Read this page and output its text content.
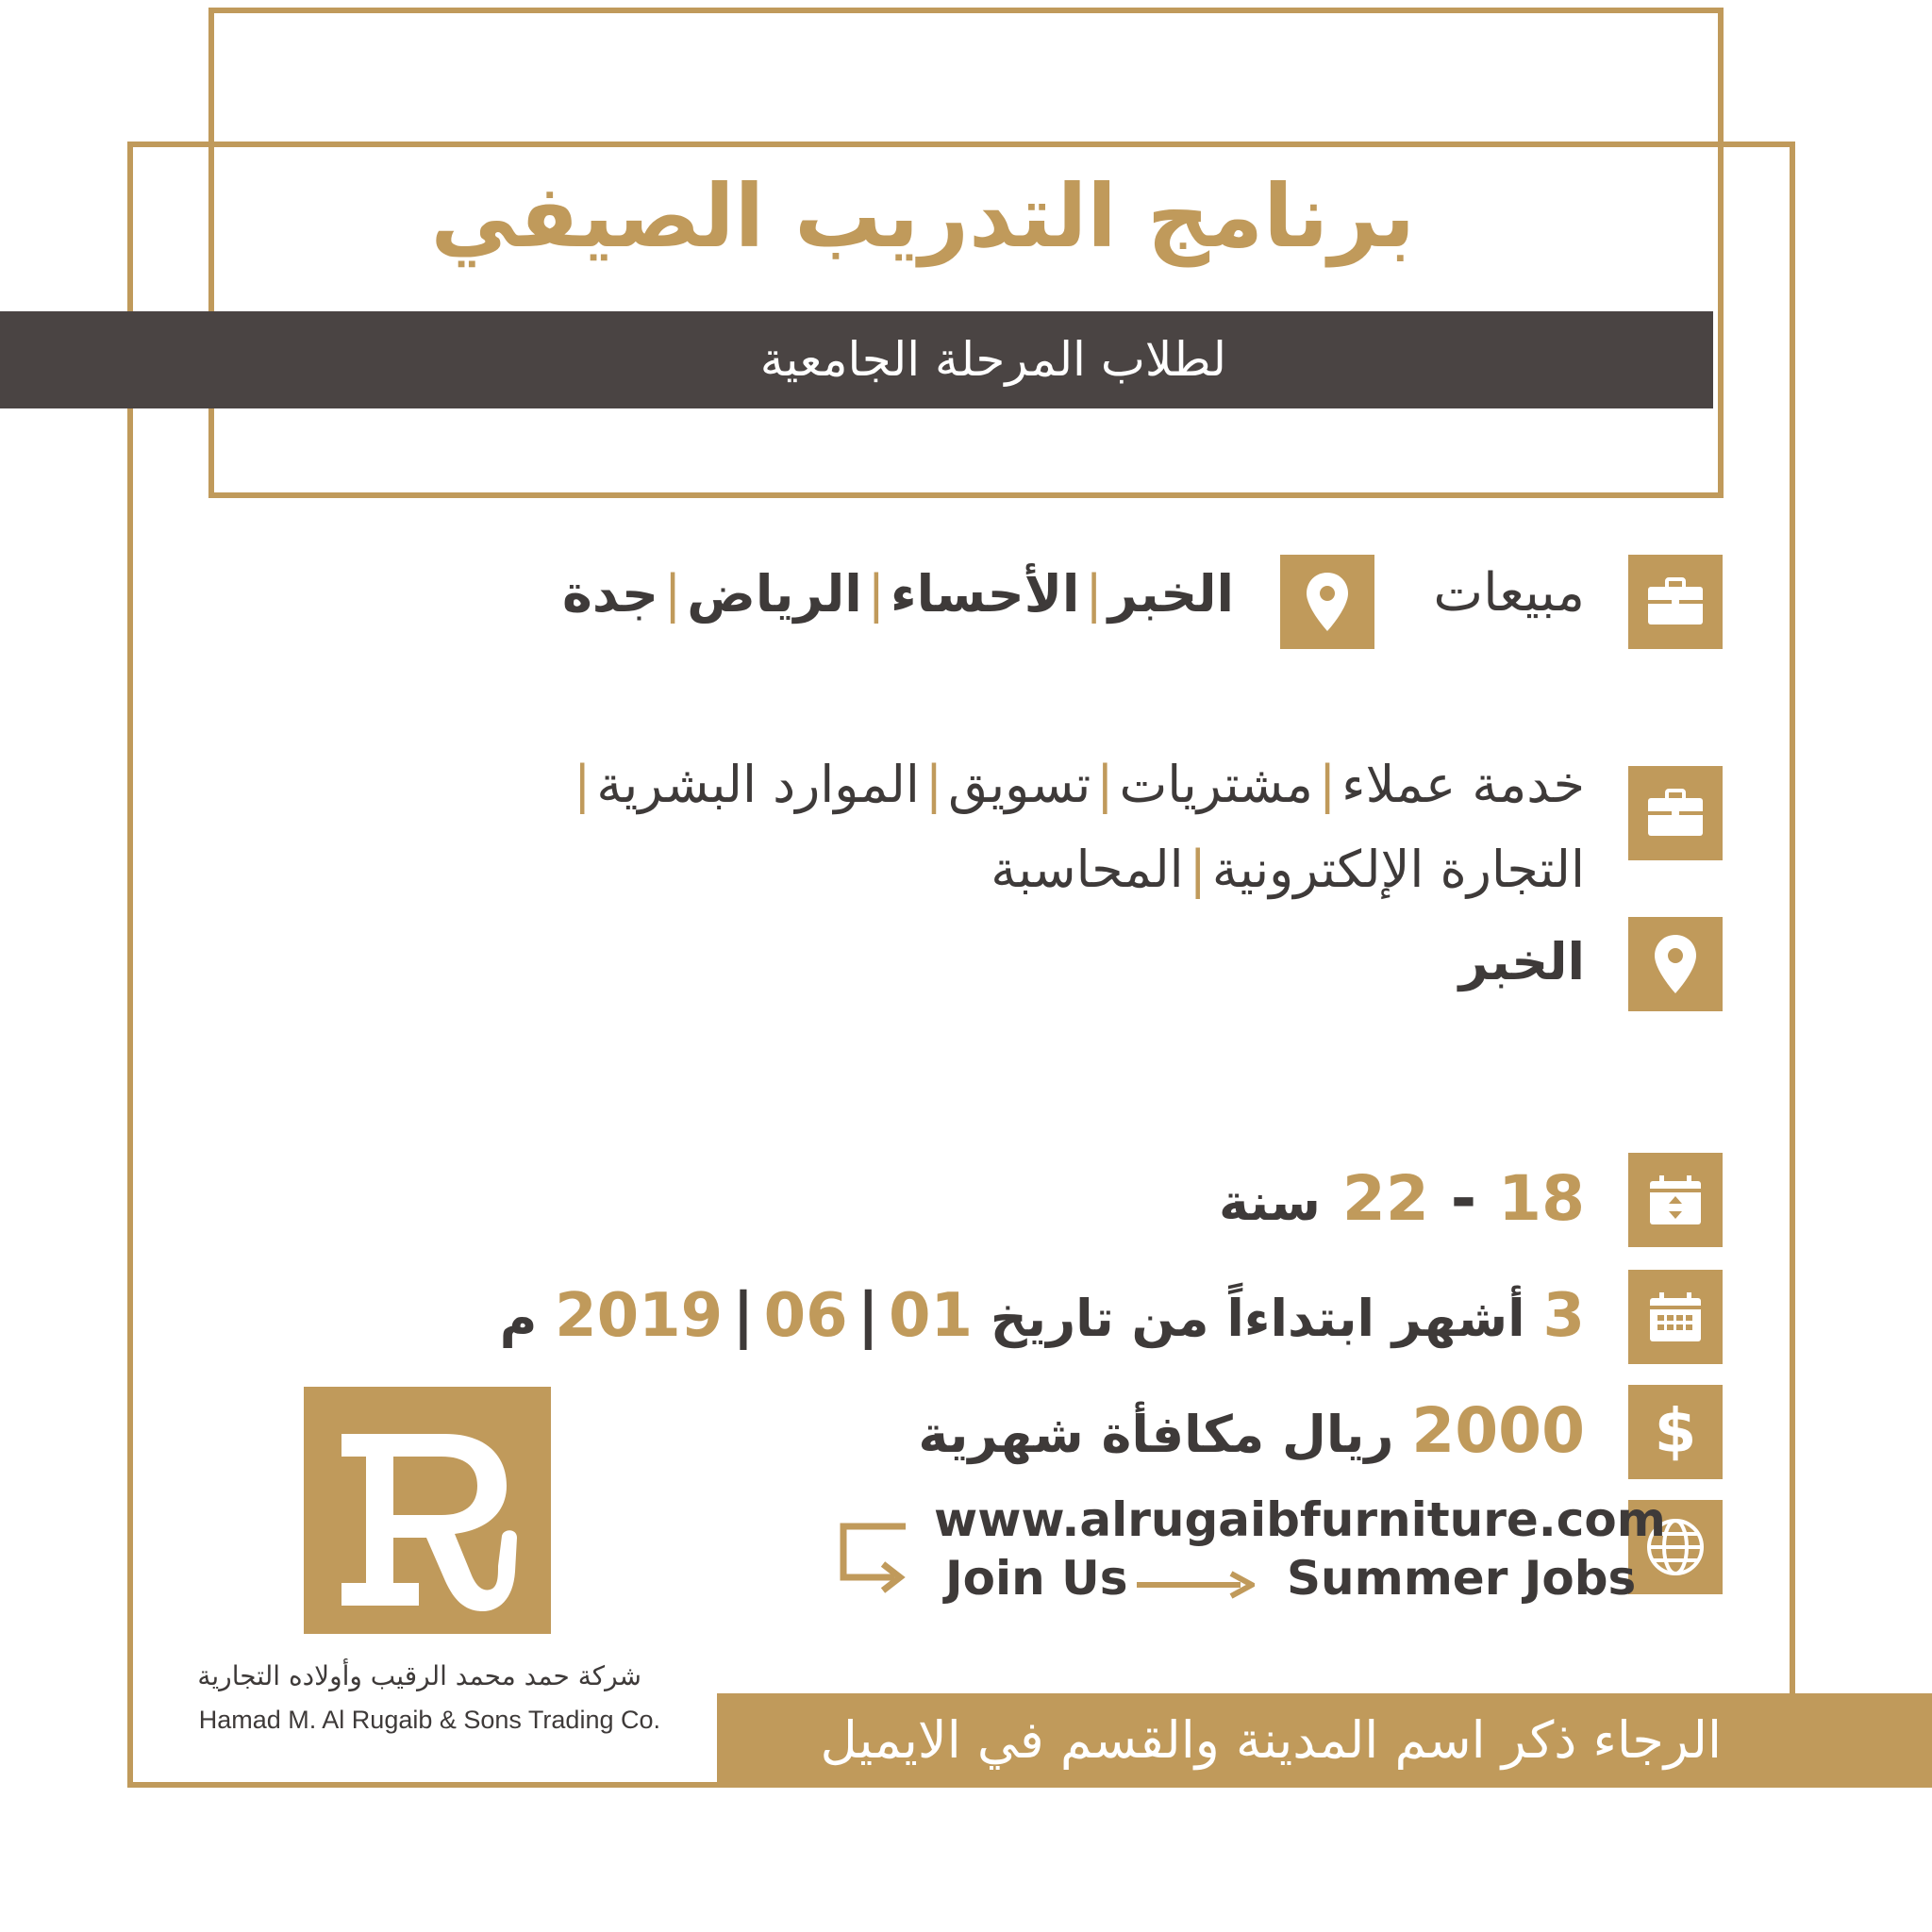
برنامج التدريب الصيفي
لطلاب المرحلة الجامعية
مبيعات
الخبر|الأحساء|الرياض|جدة
خدمة عملاء|مشتريات|تسويق|الموارد البشرية|
التجارة الإلكترونية|المحاسبة
الخبر
18 - 22 سنة
3 أشهر ابتداءاً من تاريخ 01|06|2019 م
$
2000 ريال مكافأة شهرية
www.alrugaibfurniture.com
Summer Jobs
Join Us
شركة حمد محمد الرقيب وأولاده التجارية
Hamad M. Al Rugaib & Sons Trading Co.	الرجاء ذكر اسم المدينة والقسم في الايميل
